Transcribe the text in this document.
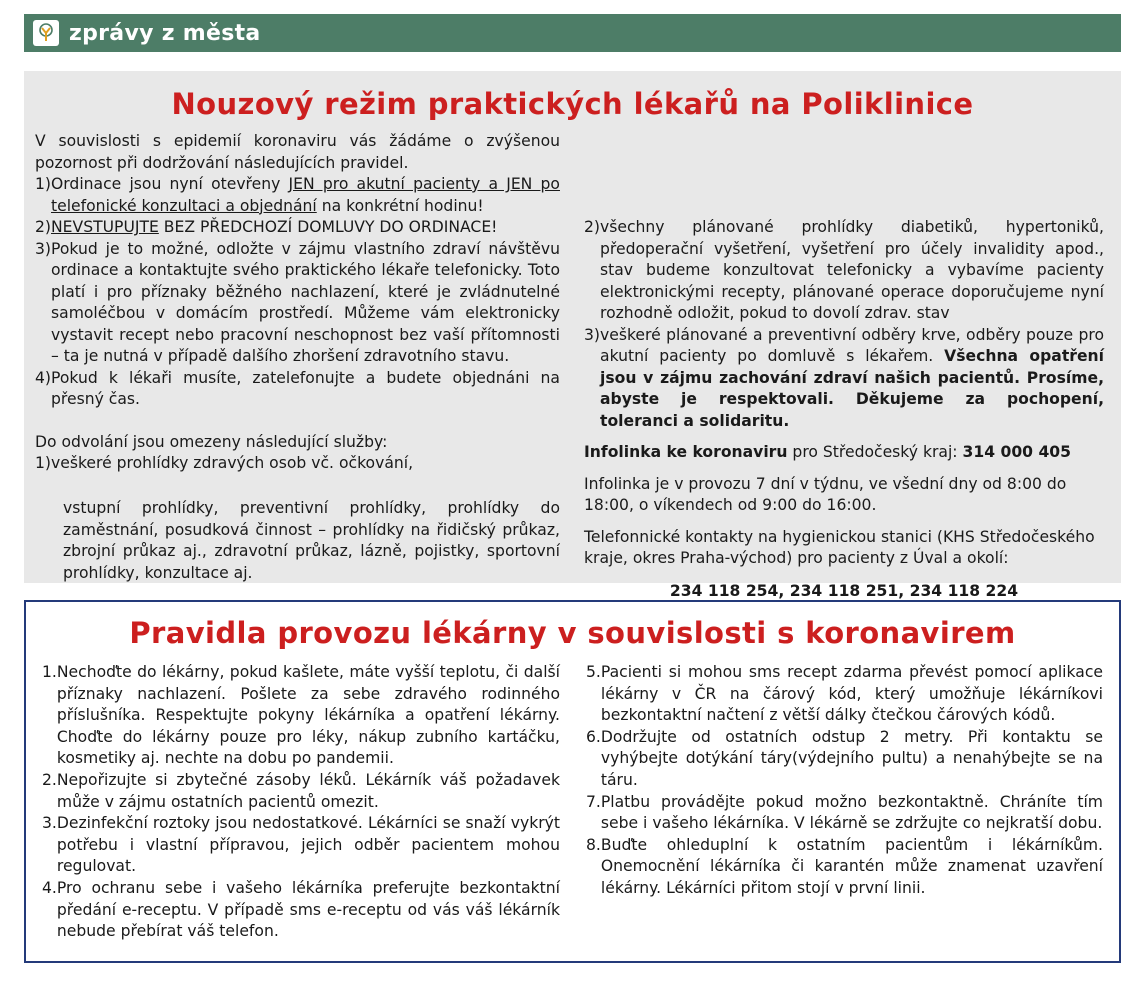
zprávy z města
Nouzový režim praktických lékařů na Poliklinice

V souvislosti s epidemií koronaviru vás žádáme o zvýšenou pozornost při dodržování následujících pravidel.

1) Ordinace jsou nyní otevřeny JEN pro akutní pacienty a JEN po telefonické konzultaci a objednání na konkrétní hodinu!
2) NEVSTUPUJTE BEZ PŘEDCHOZÍ DOMLUVY DO ORDINACE!
3) Pokud je to možné, odložte v zájmu vlastního zdraví návštěvu ordinace a kontaktujte svého praktického lékaře telefonicky. Toto platí i pro příznaky běžného nachlazení, které je zvládnutelné samoléčbou v domácím prostředí. Můžeme vám elektronicky vystavit recept nebo pracovní neschopnost bez vaší přítomnosti – ta je nutná v případě dalšího zhoršení zdravotního stavu.
4) Pokud k lékaři musíte, zatelefonujte a budete objednáni na přesný čas.

Do odvolání jsou omezeny následující služby:

1) veškeré prohlídky zdravých osob vč. očkování,

vstupní prohlídky, preventivní prohlídky, prohlídky do zaměstnání, posudková činnost – prohlídky na řidičský průkaz, zbrojní průkaz aj., zdravotní průkaz, lázně, pojistky, sportovní prohlídky, konzultace aj.

2) všechny plánované prohlídky diabetiků, hypertoniků, předoperační vyšetření, vyšetření pro účely invalidity apod., stav budeme konzultovat telefonicky a vybavíme pacienty elektronickými recepty, plánované operace doporučujeme nyní rozhodně odložit, pokud to dovolí zdrav. stav
3) veškeré plánované a preventivní odběry krve, odběry pouze pro akutní pacienty po domluvě s lékařem. Všechna opatření jsou v zájmu zachování zdraví našich pacientů. Prosíme, abyste je respektovali. Děkujeme za pochopení, toleranci a solidaritu.

Infolinka ke koronaviru pro Středočeský kraj: 314 000 405

Infolinka je v provozu 7 dní v týdnu, ve všední dny od 8:00 do 18:00, o víkendech od 9:00 do 16:00.

Telefonnické kontakty na hygienickou stanici (KHS Středočeského kraje, okres Praha-východ) pro pacienty z Úval a okolí:

234 118 254, 234 118 251, 234 118 224

Pravidla provozu lékárny v souvislosti s koronavirem
1. Nechoďte do lékárny, pokud kašlete, máte vyšší teplotu, či další příznaky nachlazení. Pošlete za sebe zdravého rodinného příslušníka. Respektujte pokyny lékárníka a opatření lékárny. Choďte do lékárny pouze pro léky, nákup zubního kartáčku, kosmetiky aj. nechte na dobu po pandemii.
2. Nepořizujte si zbytečné zásoby léků. Lékárník váš požadavek může v zájmu ostatních pacientů omezit.
3. Dezinfekční roztoky jsou nedostatkové. Lékárníci se snaží vykrýt potřebu i vlastní přípravou, jejich odběr pacientem mohou regulovat.
4. Pro ochranu sebe i vašeho lékárníka preferujte bezkontaktní předání e-receptu. V případě sms e-receptu od vás váš lékárník nebude přebírat váš telefon.
5. Pacienti si mohou sms recept zdarma převést pomocí aplikace lékárny v ČR na čárový kód, který umožňuje lékárníkovi bezkontaktní načtení z větší dálky čtečkou čárových kódů.
6. Dodržujte od ostatních odstup 2 metry. Při kontaktu se vyhýbejte dotýkání táry(výdejního pultu) a nenahýbejte se na táru.
7. Platbu provádějte pokud možno bezkontaktně. Chráníte tím sebe i vašeho lékárníka. V lékárně se zdržujte co nejkratší dobu.
8. Buďte ohleduplní k ostatním pacientům i lékárníkům. Onemocnění lékárníka či karantén může znamenat uzavření lékárny. Lékárníci přitom stojí v první linii.
